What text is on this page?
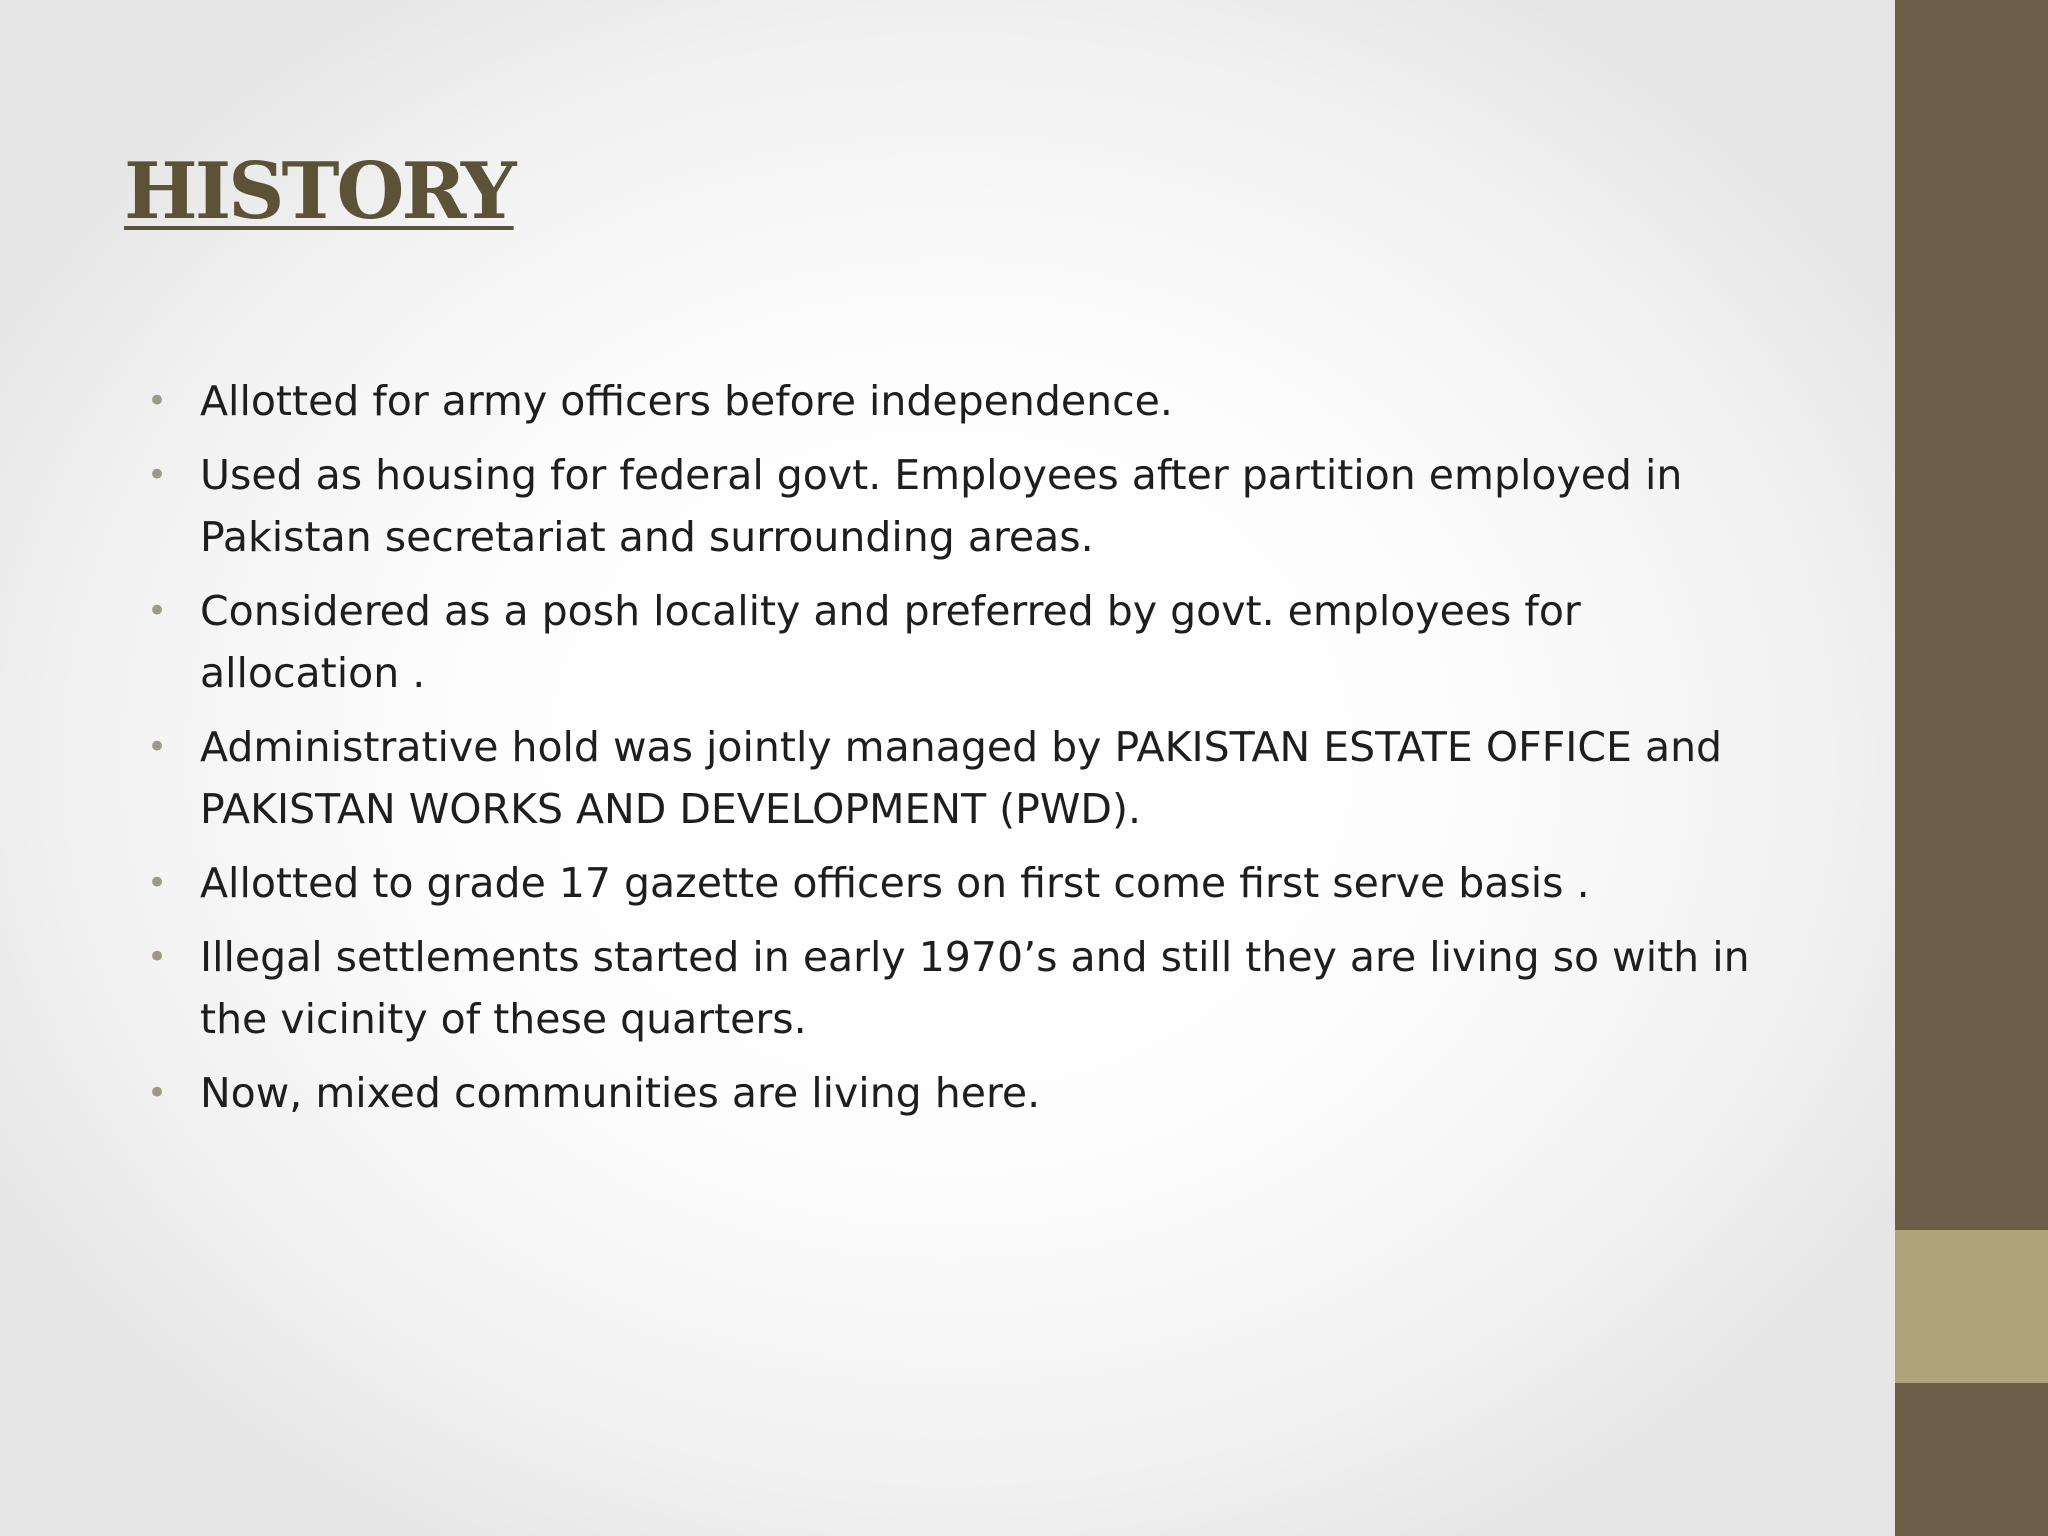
HISTORY
• Allotted for army officers before independence.
• Used as housing for federal govt. Employees after partition employed in Pakistan secretariat and surrounding areas.
• Considered as a posh locality and preferred by govt. employees for allocation .
• Administrative hold was jointly managed by PAKISTAN ESTATE OFFICE and PAKISTAN WORKS AND DEVELOPMENT (PWD).
• Allotted to grade 17 gazette officers on first come first serve basis .
• Illegal settlements started in early 1970’s and still they are living so with in the vicinity of these quarters.
• Now, mixed communities are living here.
